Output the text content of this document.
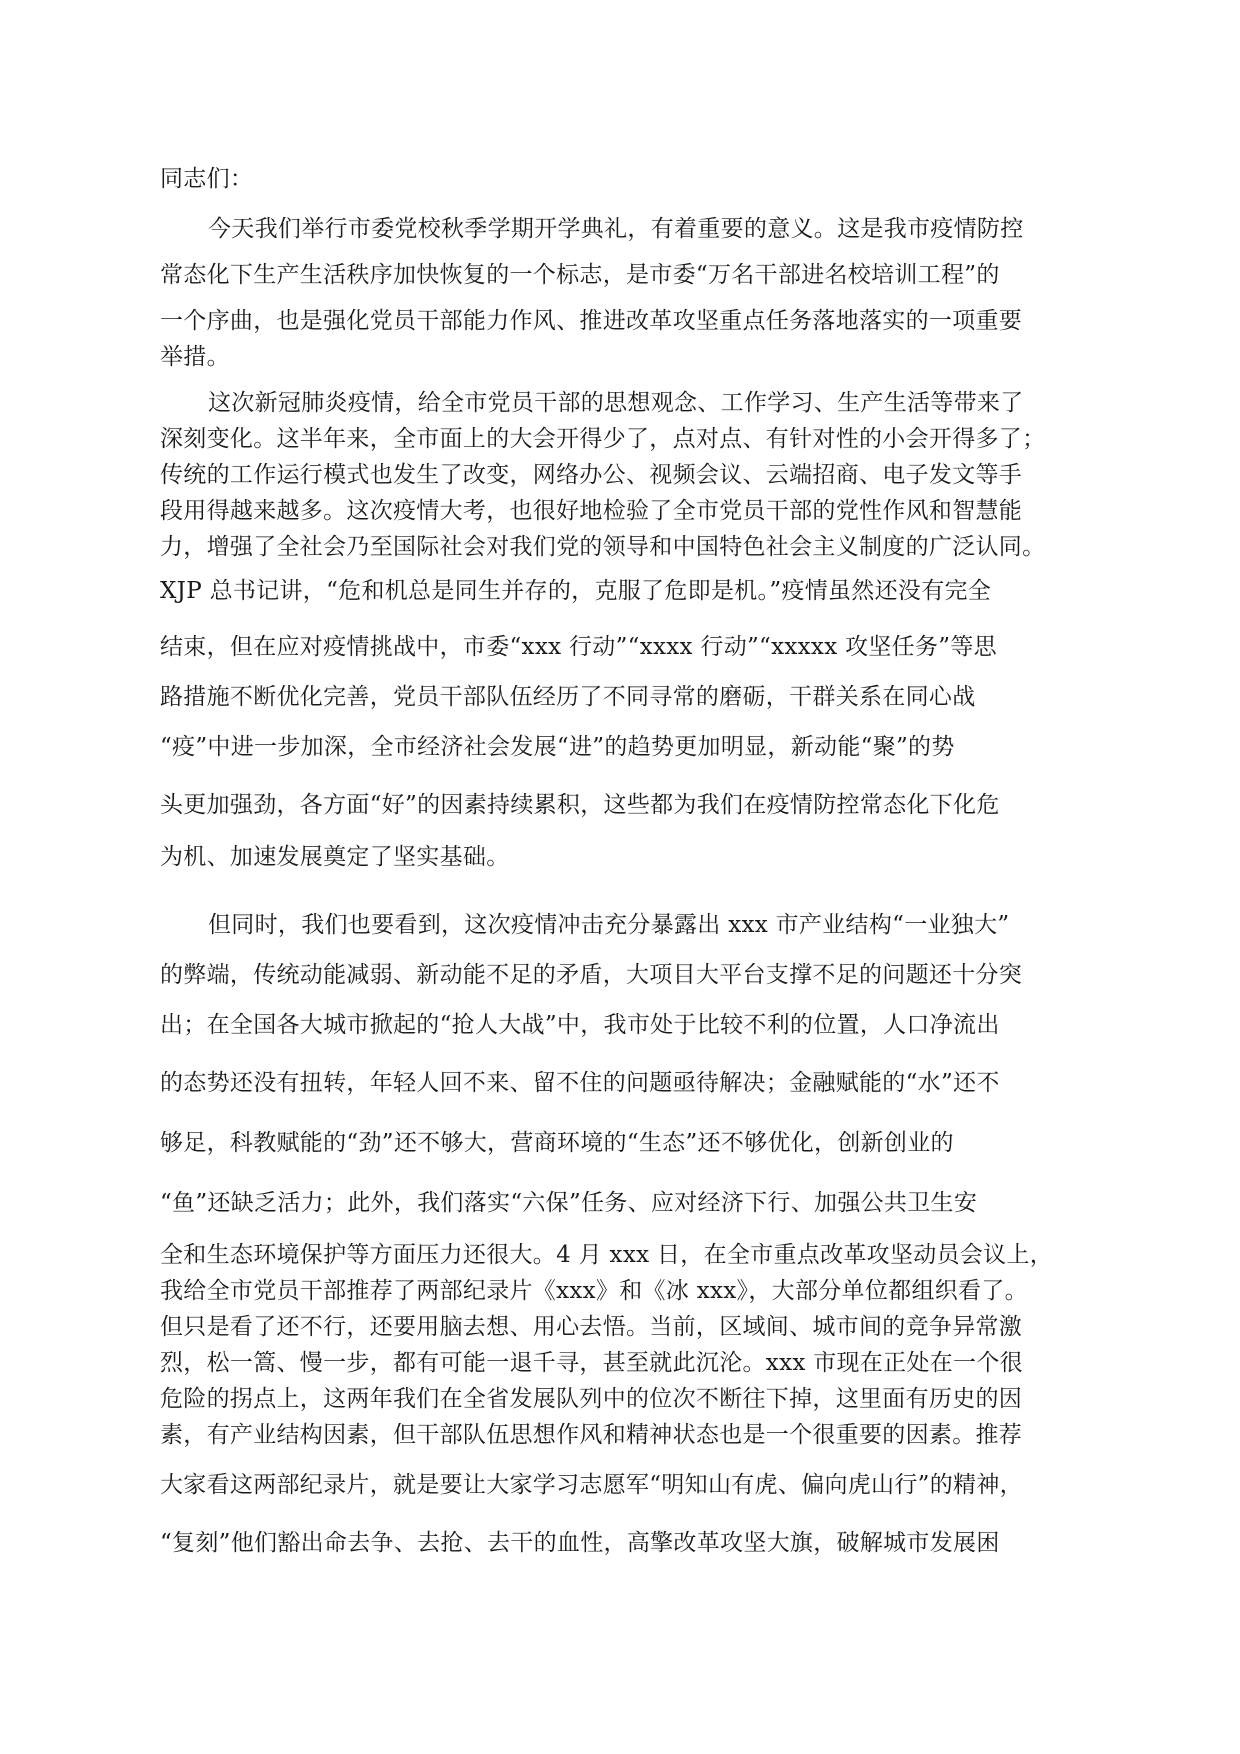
同志们：
今天我们举行市委党校秋季学期开学典礼，有着重要的意义。这是我市疫情防控
常态化下生产生活秩序加快恢复的一个标志，是市委“万名干部进名校培训工程”的
一个序曲，也是强化党员干部能力作风、推进改革攻坚重点任务落地落实的一项重要
举措。
这次新冠肺炎疫情，给全市党员干部的思想观念、工作学习、生产生活等带来了
深刻变化。这半年来，全市面上的大会开得少了，点对点、有针对性的小会开得多了；
传统的工作运行模式也发生了改变，网络办公、视频会议、云端招商、电子发文等手
段用得越来越多。这次疫情大考，也很好地检验了全市党员干部的党性作风和智慧能
力，增强了全社会乃至国际社会对我们党的领导和中国特色社会主义制度的广泛认同。
XJP 总书记讲，“危和机总是同生并存的，克服了危即是机。”疫情虽然还没有完全
结束，但在应对疫情挑战中，市委“xxx 行动”“xxxx 行动”“xxxxx 攻坚任务”等思
路措施不断优化完善，党员干部队伍经历了不同寻常的磨砺，干群关系在同心战
“疫”中进一步加深，全市经济社会发展“进”的趋势更加明显，新动能“聚”的势
头更加强劲，各方面“好”的因素持续累积，这些都为我们在疫情防控常态化下化危
为机、加速发展奠定了坚实基础。
但同时，我们也要看到，这次疫情冲击充分暴露出 xxx 市产业结构“一业独大”
的弊端，传统动能减弱、新动能不足的矛盾，大项目大平台支撑不足的问题还十分突
出；在全国各大城市掀起的“抢人大战”中，我市处于比较不利的位置，人口净流出
的态势还没有扭转，年轻人回不来、留不住的问题亟待解决；金融赋能的“水”还不
够足，科教赋能的“劲”还不够大，营商环境的“生态”还不够优化，创新创业的
“鱼”还缺乏活力；此外，我们落实“六保”任务、应对经济下行、加强公共卫生安
全和生态环境保护等方面压力还很大。4 月 xxx 日，在全市重点改革攻坚动员会议上，
我给全市党员干部推荐了两部纪录片《xxx》和《冰 xxx》，大部分单位都组织看了。
但只是看了还不行，还要用脑去想、用心去悟。当前，区域间、城市间的竞争异常激
烈，松一篙、慢一步，都有可能一退千寻，甚至就此沉沦。xxx 市现在正处在一个很
危险的拐点上，这两年我们在全省发展队列中的位次不断往下掉，这里面有历史的因
素，有产业结构因素，但干部队伍思想作风和精神状态也是一个很重要的因素。推荐
大家看这两部纪录片，就是要让大家学习志愿军“明知山有虎、偏向虎山行”的精神，
“复刻”他们豁出命去争、去抢、去干的血性，高擎改革攻坚大旗，破解城市发展困
